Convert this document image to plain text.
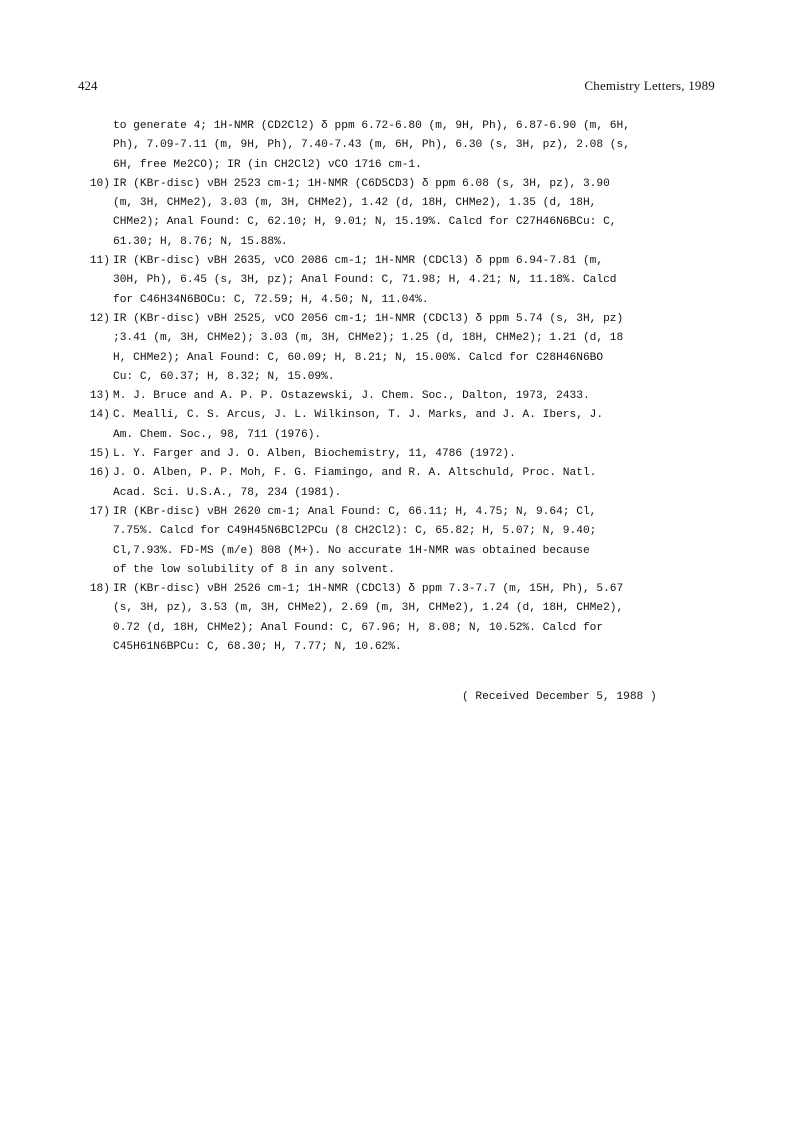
424	Chemistry Letters, 1989
to generate 4; 1H-NMR (CD2Cl2) δ ppm 6.72-6.80 (m, 9H, Ph), 6.87-6.90 (m, 6H,
Ph), 7.09-7.11 (m, 9H, Ph), 7.40-7.43 (m, 6H, Ph), 6.30 (s, 3H, pz), 2.08 (s,
6H, free Me2CO); IR (in CH2Cl2) νCO 1716 cm-1.
10) IR (KBr-disc) νBH 2523 cm-1; 1H-NMR (C6D5CD3) δ ppm 6.08 (s, 3H, pz), 3.90
(m, 3H, CHMe2), 3.03 (m, 3H, CHMe2), 1.42 (d, 18H, CHMe2), 1.35 (d, 18H,
CHMe2); Anal Found: C, 62.10; H, 9.01; N, 15.19%. Calcd for C27H46N6BCu: C,
61.30; H, 8.76; N, 15.88%.
11) IR (KBr-disc) νBH 2635, νCO 2086 cm-1; 1H-NMR (CDCl3) δ ppm 6.94-7.81 (m,
30H, Ph), 6.45 (s, 3H, pz); Anal Found: C, 71.98; H, 4.21; N, 11.18%. Calcd
for C46H34N6BOCu: C, 72.59; H, 4.50; N, 11.04%.
12) IR (KBr-disc) νBH 2525, νCO 2056 cm-1; 1H-NMR (CDCl3) δ ppm 5.74 (s, 3H, pz)
;3.41 (m, 3H, CHMe2); 3.03 (m, 3H, CHMe2); 1.25 (d, 18H, CHMe2); 1.21 (d, 18
H, CHMe2); Anal Found: C, 60.09; H, 8.21; N, 15.00%. Calcd for C28H46N6BO
Cu: C, 60.37; H, 8.32; N, 15.09%.
13) M. J. Bruce and A. P. P. Ostazewski, J. Chem. Soc., Dalton, 1973, 2433.
14) C. Mealli, C. S. Arcus, J. L. Wilkinson, T. J. Marks, and J. A. Ibers, J.
Am. Chem. Soc., 98, 711 (1976).
15) L. Y. Farger and J. O. Alben, Biochemistry, 11, 4786 (1972).
16) J. O. Alben, P. P. Moh, F. G. Fiamingo, and R. A. Altschuld, Proc. Natl.
Acad. Sci. U.S.A., 78, 234 (1981).
17) IR (KBr-disc) νBH 2620 cm-1; Anal Found: C, 66.11; H, 4.75; N, 9.64; Cl,
7.75%. Calcd for C49H45N6BCl2PCu (8 CH2Cl2): C, 65.82; H, 5.07; N, 9.40;
Cl,7.93%. FD-MS (m/e) 808 (M+). No accurate 1H-NMR was obtained because
of the low solubility of 8 in any solvent.
18) IR (KBr-disc) νBH 2526 cm-1; 1H-NMR (CDCl3) δ ppm 7.3-7.7 (m, 15H, Ph), 5.67
(s, 3H, pz), 3.53 (m, 3H, CHMe2), 2.69 (m, 3H, CHMe2), 1.24 (d, 18H, CHMe2),
0.72 (d, 18H, CHMe2); Anal Found: C, 67.96; H, 8.08; N, 10.52%. Calcd for
C45H61N6BPCu: C, 68.30; H, 7.77; N, 10.62%.
( Received December 5, 1988 )
